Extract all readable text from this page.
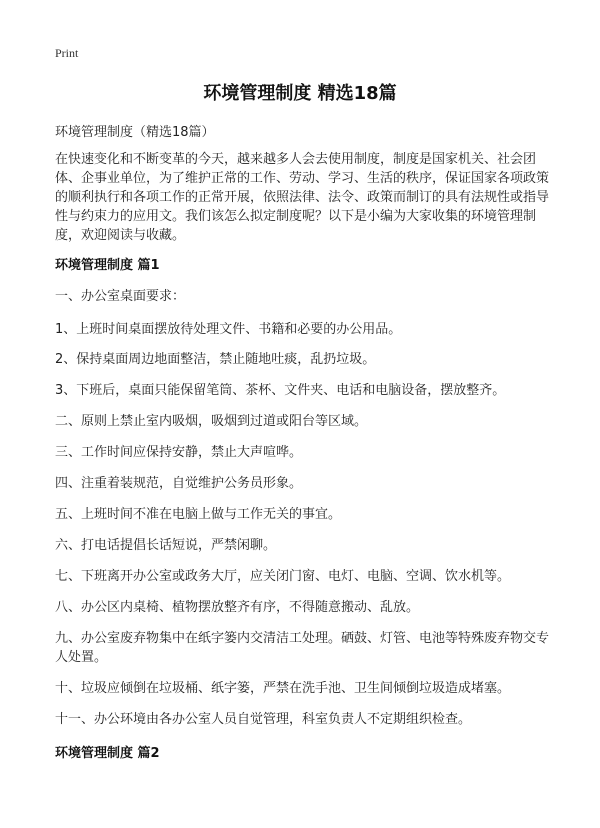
Print
环境管理制度 精选18篇
环境管理制度（精选18篇）

在快速变化和不断变革的今天，越来越多人会去使用制度，制度是国家机关、社会团体、企事业单位，为了维护正常的工作、劳动、学习、生活的秩序，保证国家各项政策的顺利执行和各项工作的正常开展，依照法律、法令、政策而制订的具有法规性或指导性与约束力的应用文。我们该怎么拟定制度呢？以下是小编为大家收集的环境管理制度，欢迎阅读与收藏。

环境管理制度 篇1

一、办公室桌面要求：

1、上班时间桌面摆放待处理文件、书籍和必要的办公用品。

2、保持桌面周边地面整洁，禁止随地吐痰，乱扔垃圾。

3、下班后，桌面只能保留笔筒、茶杯、文件夹、电话和电脑设备，摆放整齐。

二、原则上禁止室内吸烟，吸烟到过道或阳台等区域。

三、工作时间应保持安静，禁止大声喧哗。

四、注重着装规范，自觉维护公务员形象。

五、上班时间不准在电脑上做与工作无关的事宜。

六、打电话提倡长话短说，严禁闲聊。

七、下班离开办公室或政务大厅，应关闭门窗、电灯、电脑、空调、饮水机等。

八、办公区内桌椅、植物摆放整齐有序，不得随意搬动、乱放。

九、办公室废弃物集中在纸字篓内交清洁工处理。硒鼓、灯管、电池等特殊废弃物交专人处置。

十、垃圾应倾倒在垃圾桶、纸字篓，严禁在洗手池、卫生间倾倒垃圾造成堵塞。

十一、办公环境由各办公室人员自觉管理，科室负责人不定期组织检查。

环境管理制度 篇2
